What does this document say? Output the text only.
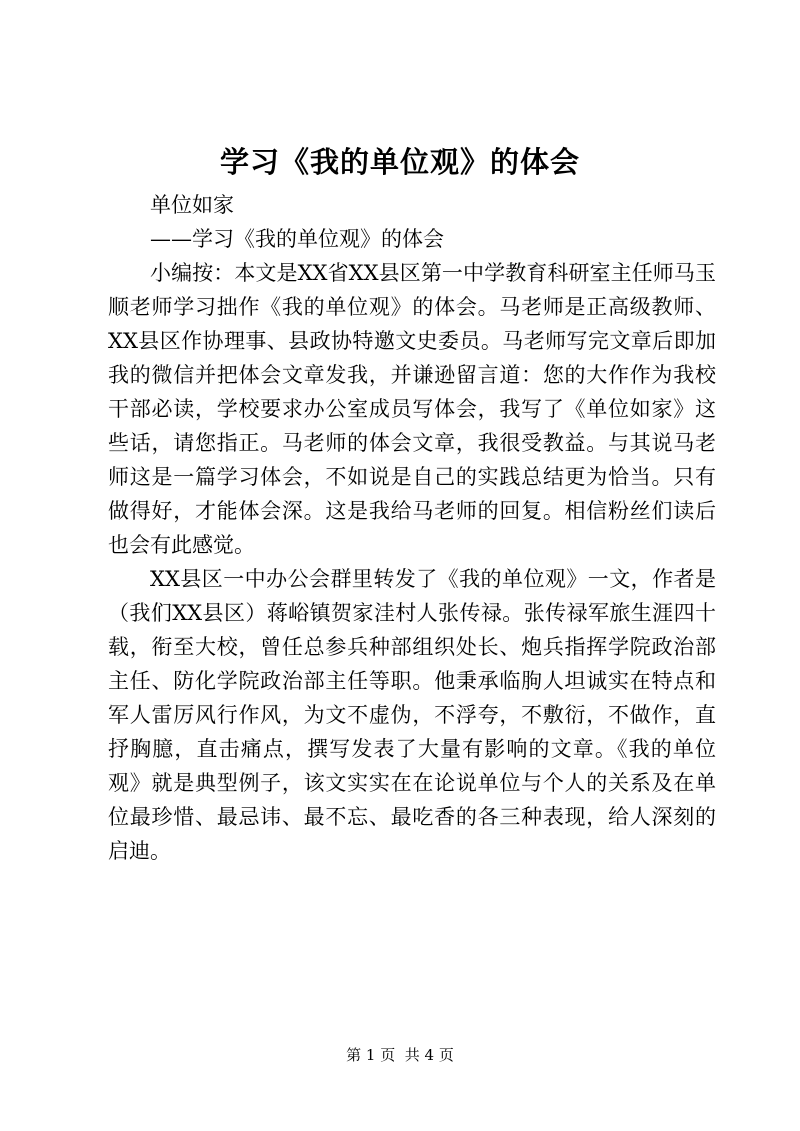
学习《我的单位观》的体会

单位如家

——学习《我的单位观》的体会

小编按：本文是XX省XX县区第一中学教育科研室主任师马玉顺老师学习拙作《我的单位观》的体会。马老师是正高级教师、XX县区作协理事、县政协特邀文史委员。马老师写完文章后即加我的微信并把体会文章发我，并谦逊留言道：您的大作作为我校干部必读，学校要求办公室成员写体会，我写了《单位如家》这些话，请您指正。马老师的体会文章，我很受教益。与其说马老师这是一篇学习体会，不如说是自己的实践总结更为恰当。只有做得好，才能体会深。这是我给马老师的回复。相信粉丝们读后也会有此感觉。

XX县区一中办公会群里转发了《我的单位观》一文，作者是（我们XX县区）蒋峪镇贺家洼村人张传禄。张传禄军旅生涯四十载，衔至大校，曾任总参兵种部组织处长、炮兵指挥学院政治部主任、防化学院政治部主任等职。他秉承临朐人坦诚实在特点和军人雷厉风行作风，为文不虚伪，不浮夸，不敷衍，不做作，直抒胸臆，直击痛点，撰写发表了大量有影响的文章。《我的单位观》就是典型例子，该文实实在在论说单位与个人的关系及在单位最珍惜、最忌讳、最不忘、最吃香的各三种表现，给人深刻的启迪。

第 1 页 共 4 页
